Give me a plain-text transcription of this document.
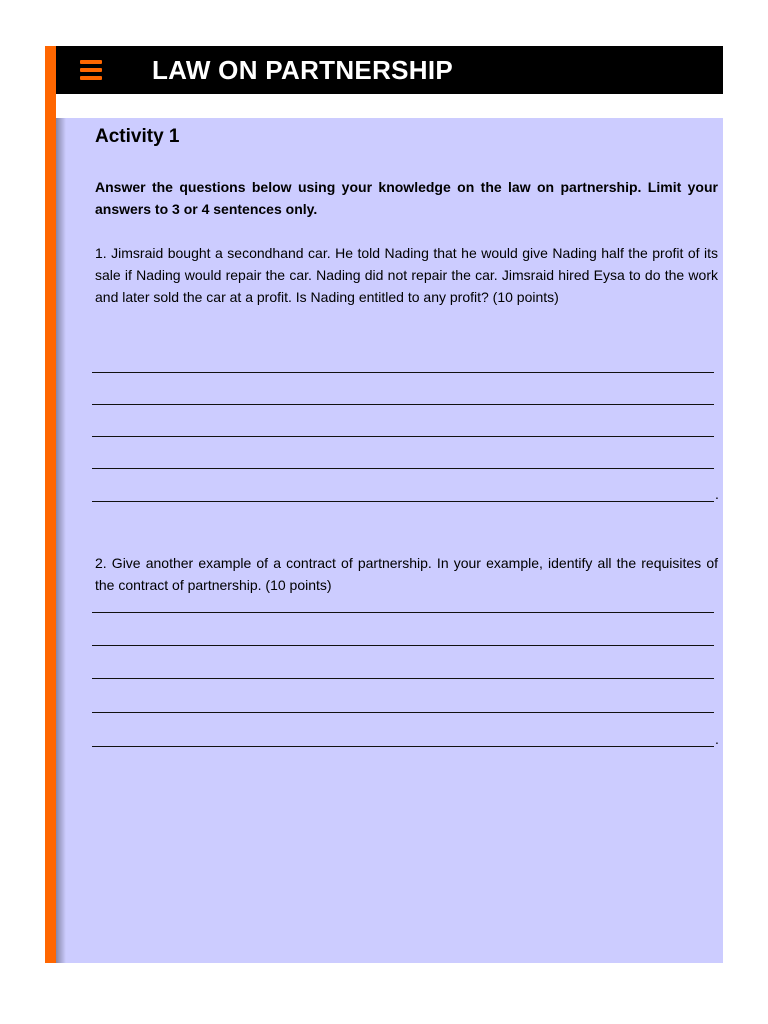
LAW ON PARTNERSHIP
Activity 1
Answer the questions below using your knowledge on the law on partnership. Limit your answers to 3 or 4 sentences only.
1. Jimsraid bought a secondhand car. He told Nading that he would give Nading half the profit of its sale if Nading would repair the car. Nading did not repair the car. Jimsraid hired Eysa to do the work and later sold the car at a profit. Is Nading entitled to any profit? (10 points)
.
2. Give another example of a contract of partnership. In your example, identify all the requisites of the contract of partnership. (10 points)
.
